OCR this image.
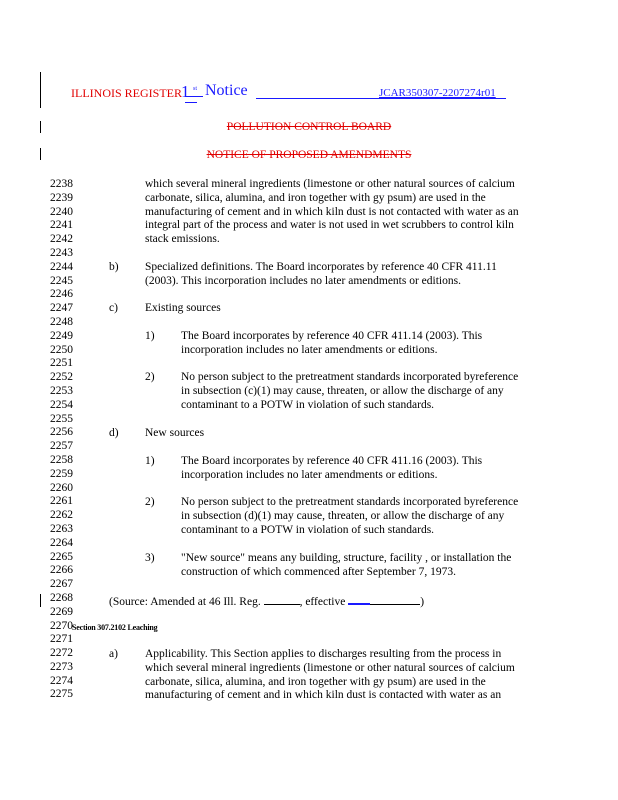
ILLINOIS REGISTER 1 st Notice	JCAR350307-2207274r01
POLLUTION CONTROL BOARD
NOTICE OF PROPOSED AMENDMENTS
2238
2239
2240
2241
2242
2243
2244
2245
2246
2247
2248
2249
2250
2251
2252
2253
2254
2255
2256
2257
2258
2259
2260
2261
2262
2263
2264
2265
2266
2267
2268
2269
2270
2271
2272
2273
2274
2275
which several mineral ingredients (limestone or other natural sources of calcium
carbonate, silica, alumina, and iron together with gy psum) are used in the
manufacturing of cement and in which kiln dust is not contacted with water as an
integral part of the process and water is not used in wet scrubbers to control kiln
stack emissions.
b) Specialized definitions. The Board incorporates by reference 40 CFR 411.11
(2003). This incorporation includes no later amendments or editions.
c) Existing sources
1) The Board incorporates by reference 40 CFR 411.14 (2003). This
incorporation includes no later amendments or editions.
2) No person subject to the pretreatment standards incorporated byreference
in subsection (c)(1) may cause, threaten, or allow the discharge of any
contaminant to a POTW in violation of such standards.
d) New sources
1) The Board incorporates by reference 40 CFR 411.16 (2003). This
incorporation includes no later amendments or editions.
2) No person subject to the pretreatment standards incorporated byreference
in subsection (d)(1) may cause, threaten, or allow the discharge of any
contaminant to a POTW in violation of such standards.
3) "New source" means any building, structure, facility , or installation the
construction of which commenced after September 7, 1973.
(Source: Amended at 46 Ill. Reg.	, effective	)
Section 307.2102 Leaching
a) Applicability. This Section applies to discharges resulting from the process in
which several mineral ingredients (limestone or other natural sources of calcium
carbonate, silica, alumina, and iron together with gy psum) are used in the
manufacturing of cement and in which kiln dust is contacted with water as an
